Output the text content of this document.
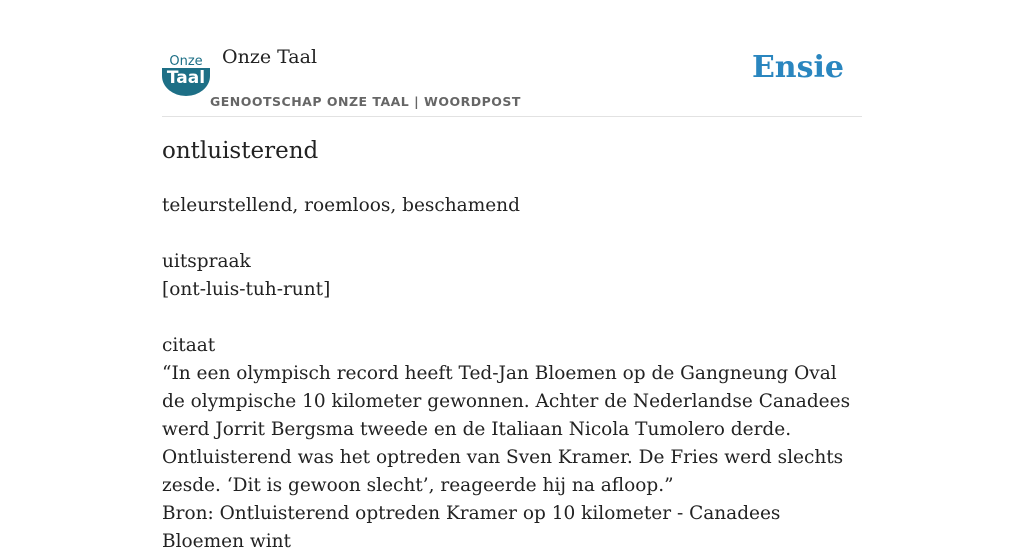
Onze
Taal
Onze Taal
GENOOTSCHAP ONZE TAAL | WOORDPOST
Ensie
ontluisterend

teleurstellend, roemloos, beschamend

uitspraak

[ont-luis-tuh-runt]

citaat

“In een olympisch record heeft Ted-Jan Bloemen op de Gangneung Oval de olympische 10 kilometer gewonnen. Achter de Nederlandse Canadees werd Jorrit Bergsma tweede en de Italiaan Nicola Tumolero derde. Ontluisterend was het optreden van Sven Kramer. De Fries werd slechts zesde. ‘Dit is gewoon slecht’, reageerde hij na afloop.”

Bron: Ontluisterend optreden Kramer op 10 kilometer - Canadees Bloemen wint
